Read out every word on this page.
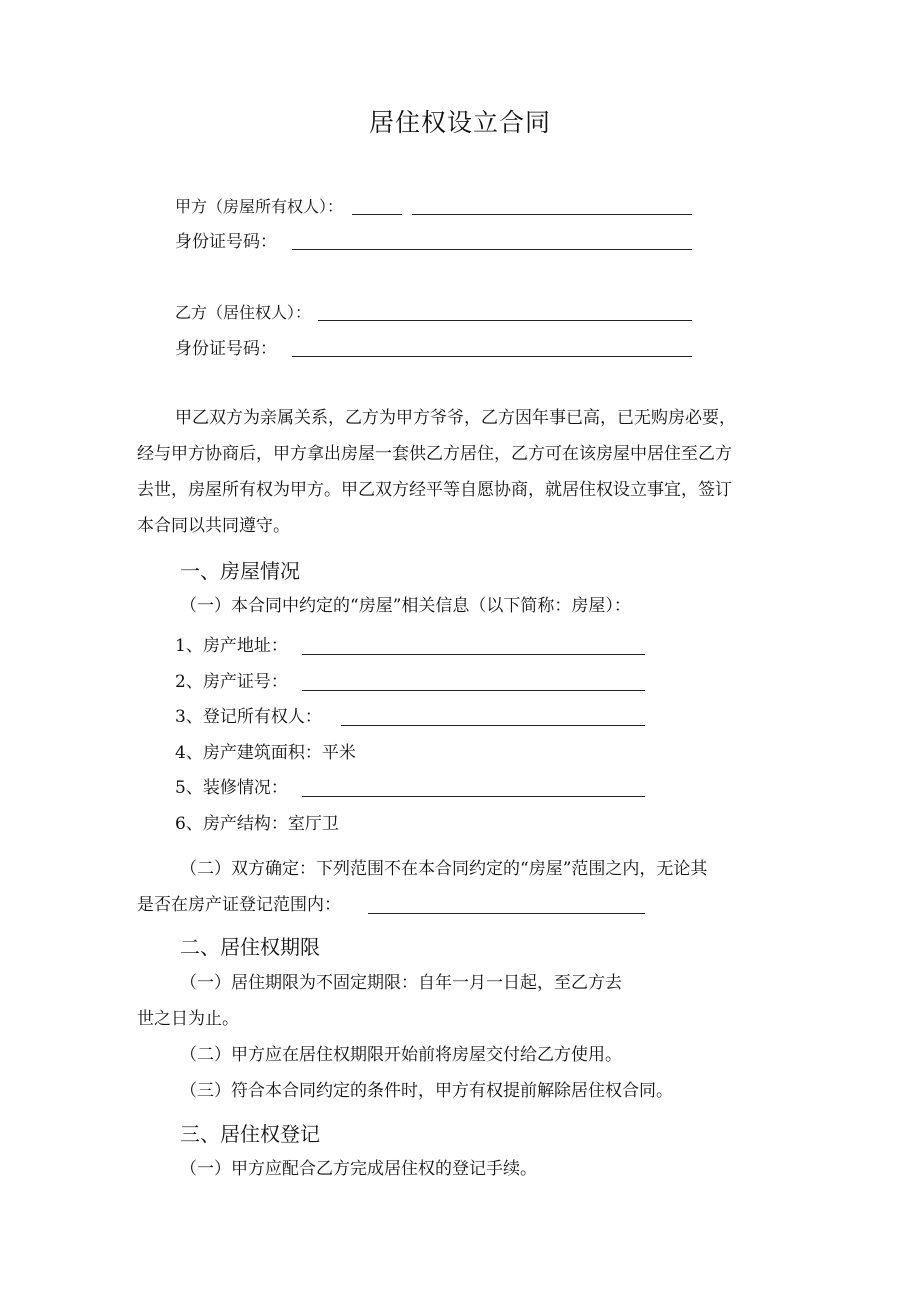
居住权设立合同
甲方（房屋所有权人）：
身份证号码：
乙方（居住权人）：
身份证号码：
甲乙双方为亲属关系，乙方为甲方爷爷，乙方因年事已高，已无购房必要，
经与甲方协商后，甲方拿出房屋一套供乙方居住，乙方可在该房屋中居住至乙方
去世，房屋所有权为甲方。甲乙双方经平等自愿协商，就居住权设立事宜，签订
本合同以共同遵守。
一、房屋情况
（一）本合同中约定的“房屋”相关信息（以下简称：房屋）：
1、房产地址：
2、房产证号：
3、登记所有权人：
4、房产建筑面积：平米
5、装修情况：
6、房产结构：室厅卫
（二）双方确定：下列范围不在本合同约定的“房屋”范围之内，无论其
是否在房产证登记范围内：
二、居住权期限
（一）居住期限为不固定期限：自年一月一日起，至乙方去
世之日为止。
（二）甲方应在居住权期限开始前将房屋交付给乙方使用。
（三）符合本合同约定的条件时，甲方有权提前解除居住权合同。
三、居住权登记
（一）甲方应配合乙方完成居住权的登记手续。
